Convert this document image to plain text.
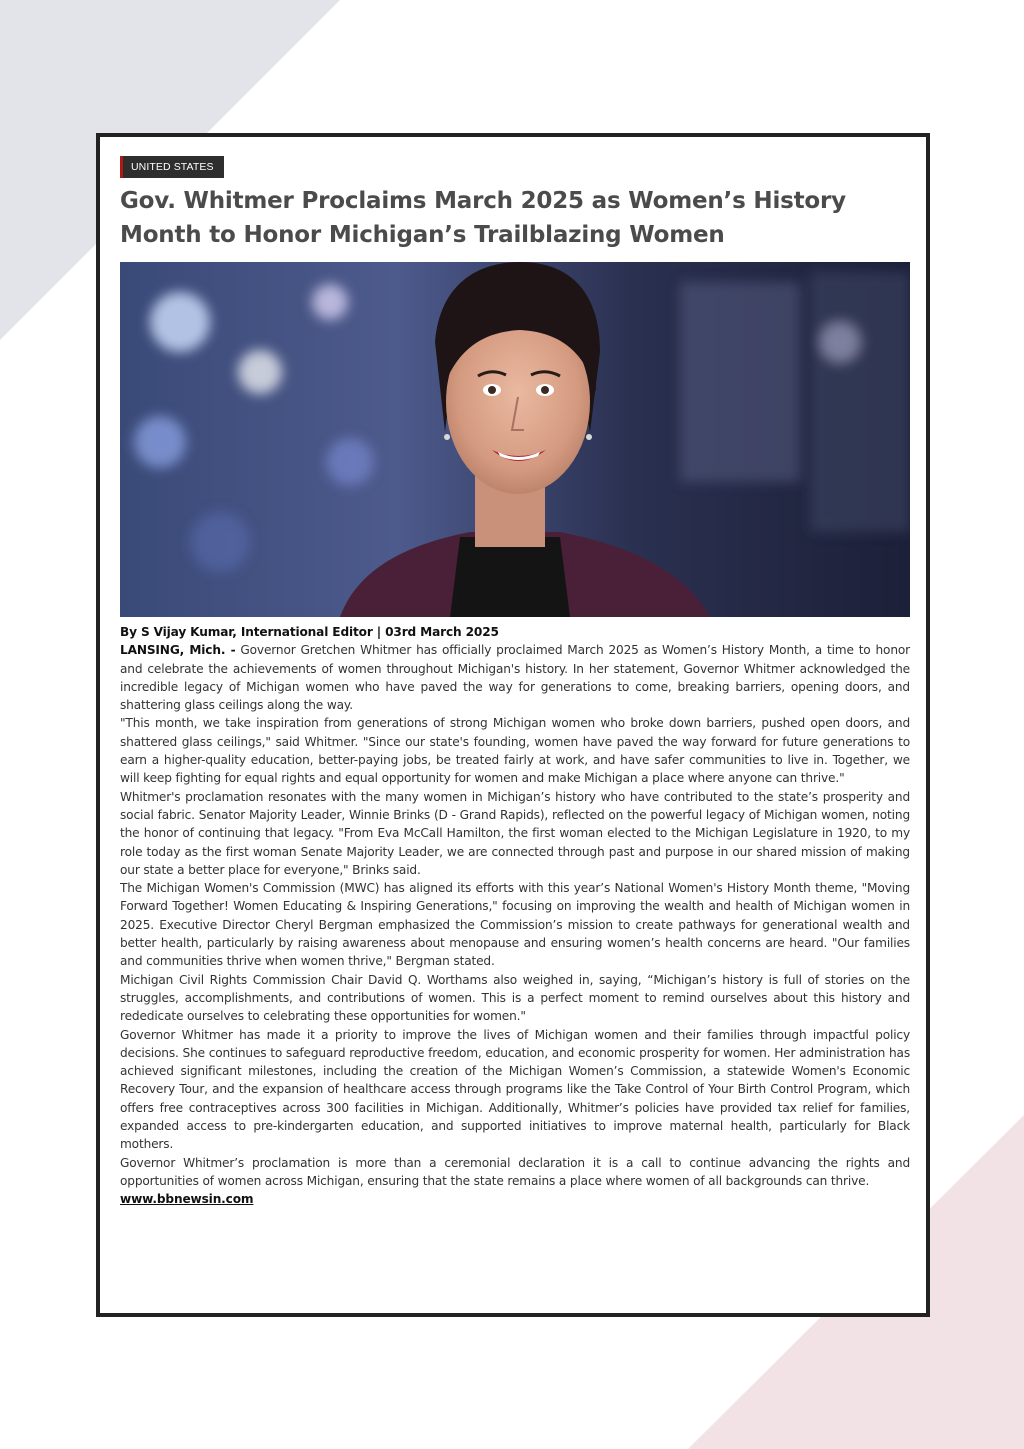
UNITED STATES
Gov. Whitmer Proclaims March 2025 as Women’s History Month to Honor Michigan’s Trailblazing Women
By S Vijay Kumar, International Editor | 03rd March 2025

LANSING, Mich. - Governor Gretchen Whitmer has officially proclaimed March 2025 as Women’s History Month, a time to honor and celebrate the achievements of women throughout Michigan's history. In her statement, Governor Whitmer acknowledged the incredible legacy of Michigan women who have paved the way for generations to come, breaking barriers, opening doors, and shattering glass ceilings along the way.

"This month, we take inspiration from generations of strong Michigan women who broke down barriers, pushed open doors, and shattered glass ceilings," said Whitmer. "Since our state's founding, women have paved the way forward for future generations to earn a higher-quality education, better-paying jobs, be treated fairly at work, and have safer communities to live in. Together, we will keep fighting for equal rights and equal opportunity for women and make Michigan a place where anyone can thrive."

Whitmer's proclamation resonates with the many women in Michigan’s history who have contributed to the state’s prosperity and social fabric. Senator Majority Leader, Winnie Brinks (D - Grand Rapids), reflected on the powerful legacy of Michigan women, noting the honor of continuing that legacy. "From Eva McCall Hamilton, the first woman elected to the Michigan Legislature in 1920, to my role today as the first woman Senate Majority Leader, we are connected through past and purpose in our shared mission of making our state a better place for everyone," Brinks said.

The Michigan Women's Commission (MWC) has aligned its efforts with this year’s National Women's History Month theme, "Moving Forward Together! Women Educating & Inspiring Generations," focusing on improving the wealth and health of Michigan women in 2025. Executive Director Cheryl Bergman emphasized the Commission’s mission to create pathways for generational wealth and better health, particularly by raising awareness about menopause and ensuring women’s health concerns are heard. "Our families and communities thrive when women thrive," Bergman stated.

Michigan Civil Rights Commission Chair David Q. Worthams also weighed in, saying, “Michigan’s history is full of stories on the struggles, accomplishments, and contributions of women. This is a perfect moment to remind ourselves about this history and rededicate ourselves to celebrating these opportunities for women."

Governor Whitmer has made it a priority to improve the lives of Michigan women and their families through impactful policy decisions. She continues to safeguard reproductive freedom, education, and economic prosperity for women. Her administration has achieved significant milestones, including the creation of the Michigan Women’s Commission, a statewide Women's Economic Recovery Tour, and the expansion of healthcare access through programs like the Take Control of Your Birth Control Program, which offers free contraceptives across 300 facilities in Michigan. Additionally, Whitmer’s policies have provided tax relief for families, expanded access to pre-kindergarten education, and supported initiatives to improve maternal health, particularly for Black mothers.

Governor Whitmer’s proclamation is more than a ceremonial declaration it is a call to continue advancing the rights and opportunities of women across Michigan, ensuring that the state remains a place where women of all backgrounds can thrive.

www.bbnewsin.com
